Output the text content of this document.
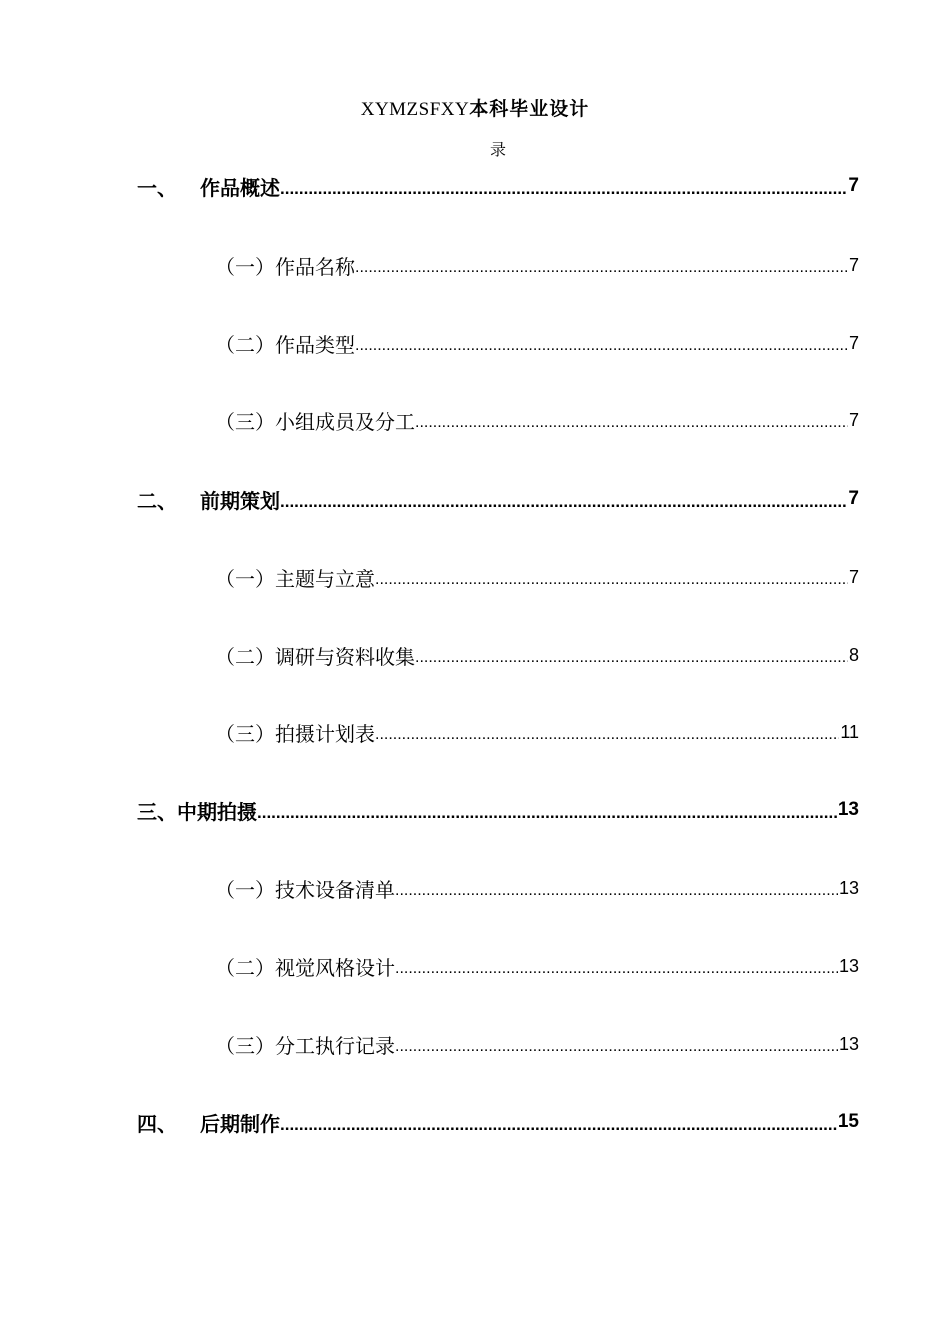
XYMZSFXY本科毕业设计
录
一、	作品概述 .....	7
（一） 作品名称 .....	7
（二） 作品类型 .....	7
（三） 小组成员及分工 .....	7
二、	前期策划 .....	7
（一） 主题与立意 .....	7
（二） 调研与资料收集 .....	8
（三） 拍摄计划表 .....	11
三、 中期拍摄 .....	13
（一） 技术设备清单 .....	13
（二） 视觉风格设计 .....	13
（三） 分工执行记录 .....	13
四、	后期制作 .....	15
